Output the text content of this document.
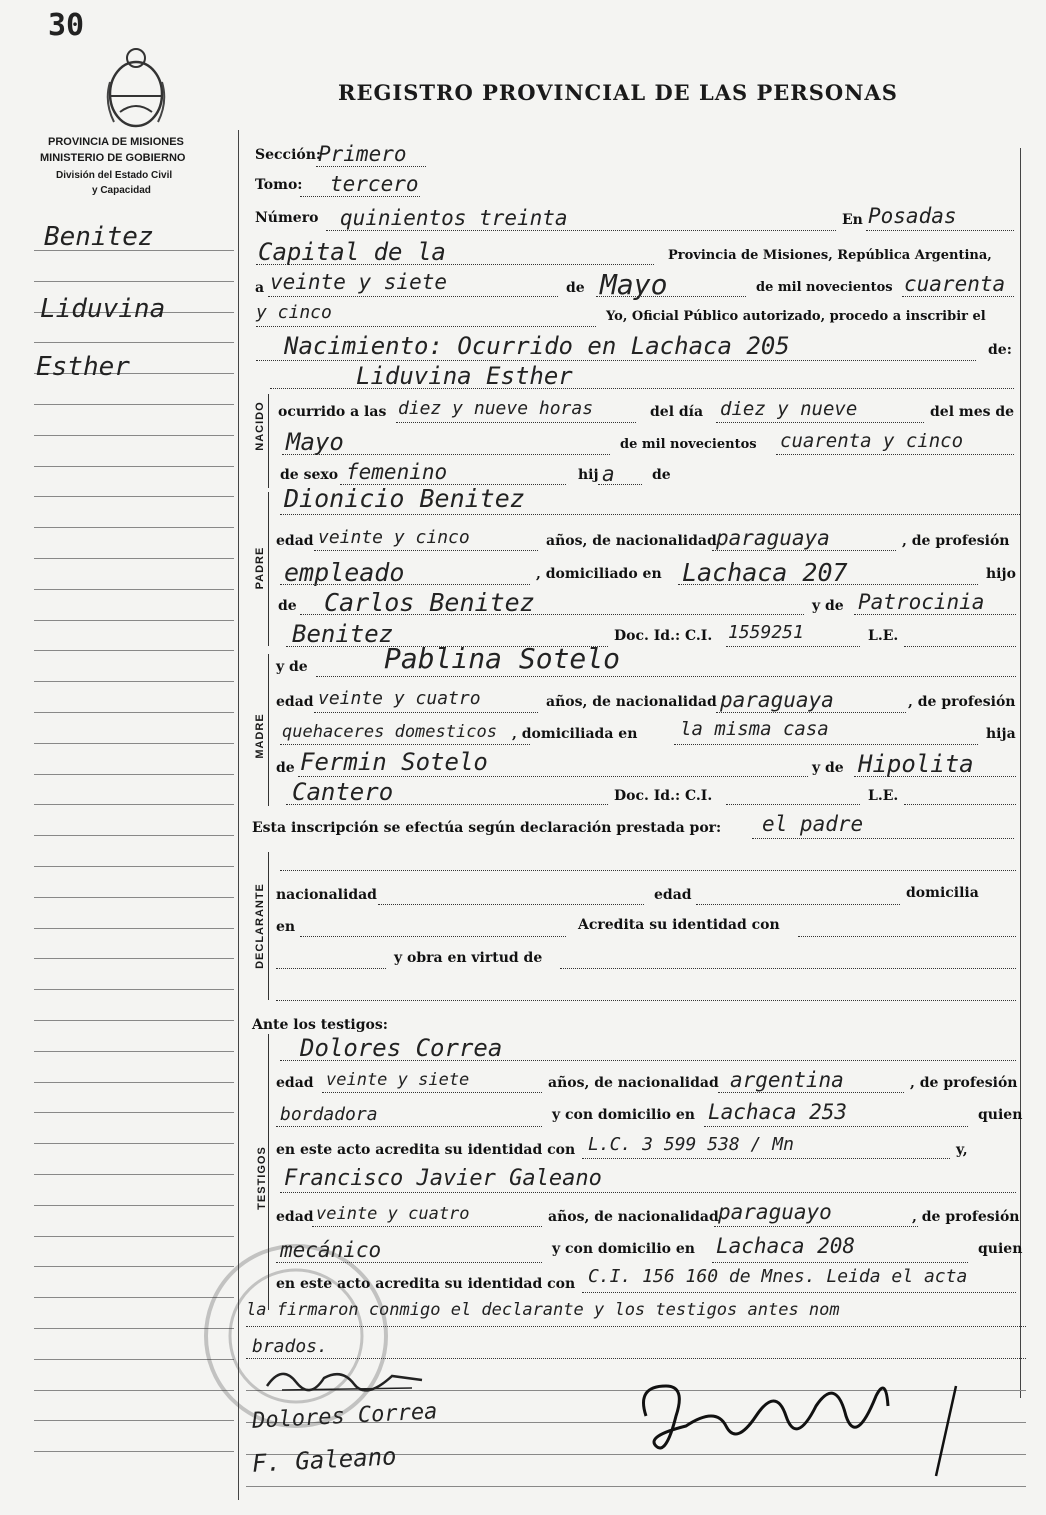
30
REGISTRO PROVINCIAL DE LAS PERSONAS
PROVINCIA DE MISIONES
MINISTERIO DE GOBIERNO
División del Estado Civil
y Capacidad
Benitez
Liduvina
Esther
Sección:
Primero
Tomo: tercero
Número quinientos treinta	En Posadas
Capital de la	Provincia de Misiones, República Argentina,
a veinte y siete	de Mayo	de mil novecientos cuarenta
y cinco	Yo, Oficial Público autorizado, procedo a inscribir el
Nacimiento: Ocurrido en Lachaca 205	de:
Liduvina Esther
NACIDO ocurrido a las diez y nueve horas	del día diez y nueve	del mes de
Mayo	de mil novecientos cuarenta y cinco
de sexo femenino	hij a	de
PADRE
Dionicio Benitez
edad veinte y cinco	años, de nacionalidad paraguaya	, de profesión
empleado	, domiciliado en Lachaca 207	hijo
de Carlos Benitez	y de Patrocinia
Benitez	Doc. Id.: C.I. 1559251	L.E.
MADRE
y de	Pablina Sotelo
edad veinte y cuatro	años, de nacionalidad paraguaya	, de profesión
quehaceres domesticos , domiciliada en la misma casa	hija
de Fermin Sotelo	y de Hipolita
Cantero	Doc. Id.: C.I.	L.E.
Esta inscripción se efectúa según declaración prestada por: el padre
DECLARANTE nacionalidad	edad	domicilia
en	Acredita su identidad con
y obra en virtud de
Ante los testigos:
TESTIGOS
Dolores Correa
edad veinte y siete	años, de nacionalidad argentina	, de profesión
bordadora	y con domicilio en Lachaca 253	quien
en este acto acredita su identidad con L.C. 3 599 538 / Mn	y,
Francisco Javier Galeano
edad veinte y cuatro	años, de nacionalidad paraguayo	, de profesión
mecánico	y con domicilio en Lachaca 208	quien
en este acto acredita su identidad con C.I. 156 160 de Mnes. Leida el acta
la firmaron conmigo el declarante y los testigos antes nom
brados.
Dolores Correa
F. Galeano
